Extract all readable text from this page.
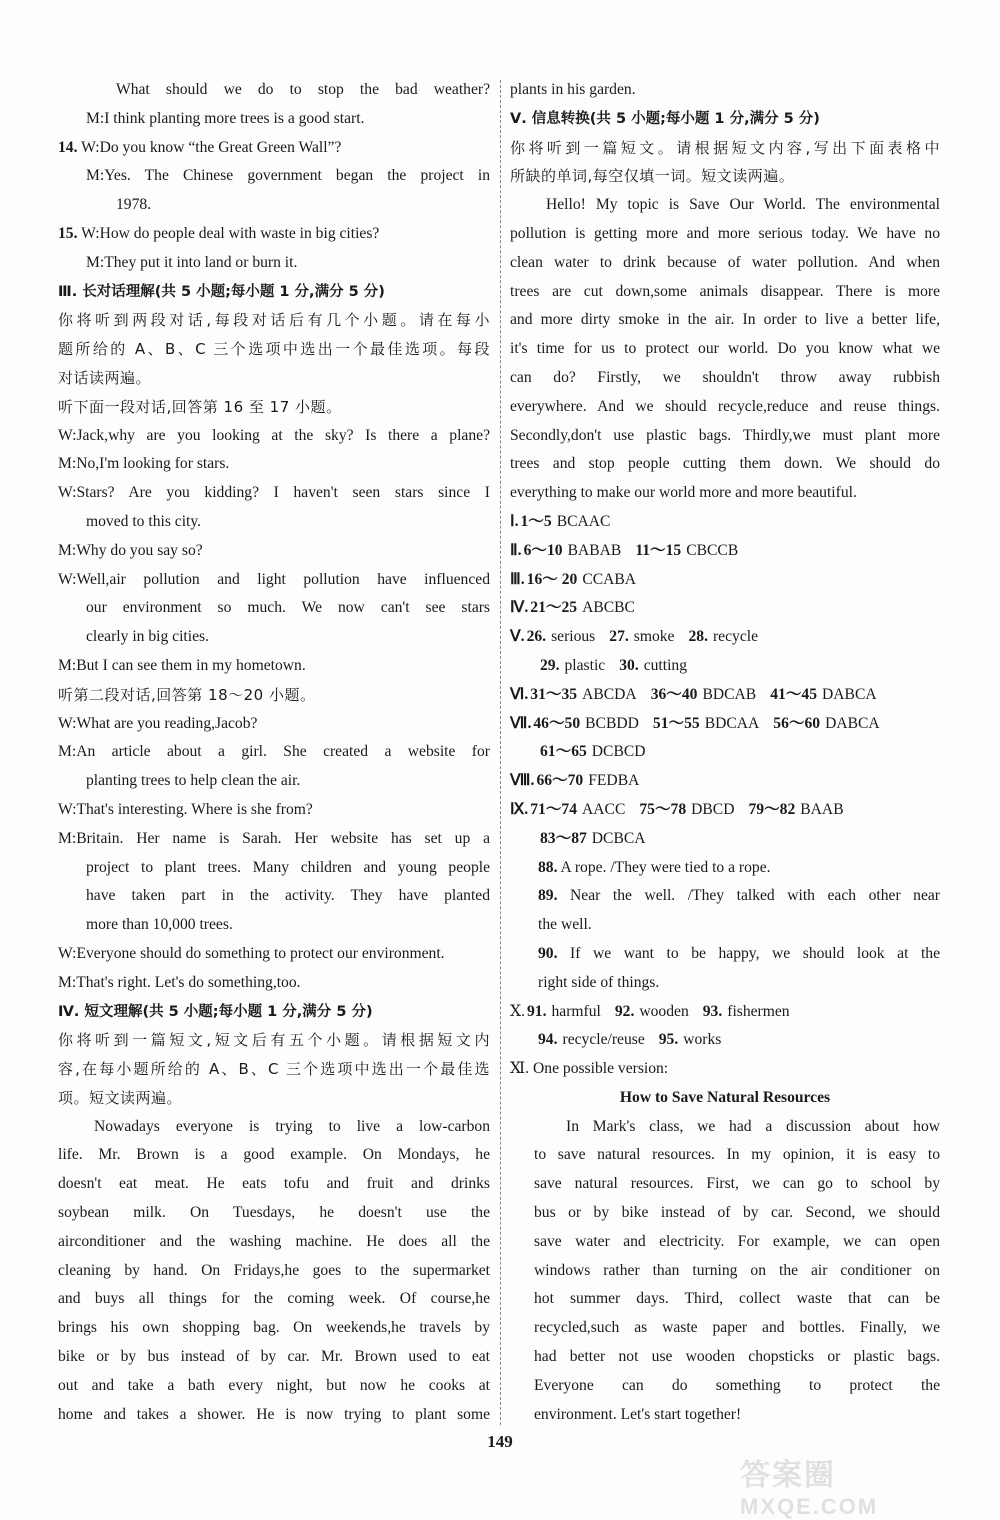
What should we do to stop the bad weather?

M:I think planting more trees is a good start.

14. W:Do you know “the Great Green Wall”?

M:Yes. The Chinese government began the project in

1978.

15. W:How do people deal with waste in big cities?

M:They put it into land or burn it.

Ⅲ. 长对话理解(共 5 小题;每小题 1 分,满分 5 分)

你将听到两段对话,每段对话后有几个小题。请在每小

题所给的 A、B、C 三个选项中选出一个最佳选项。每段

对话读两遍。

听下面一段对话,回答第 16 至 17 小题。

W:Jack,why are you looking at the sky? Is there a plane?

M:No,I'm looking for stars.

W:Stars? Are you kidding? I haven't seen stars since I

moved to this city.

M:Why do you say so?

W:Well,air pollution and light pollution have influenced

our environment so much. We now can't see stars

clearly in big cities.

M:But I can see them in my hometown.

听第二段对话,回答第 18～20 小题。

W:What are you reading,Jacob?

M:An article about a girl. She created a website for

planting trees to help clean the air.

W:That's interesting. Where is she from?

M:Britain. Her name is Sarah. Her website has set up a

project to plant trees. Many children and young people

have taken part in the activity. They have planted

more than 10,000 trees.

W:Everyone should do something to protect our environment.

M:That's right. Let's do something,too.

Ⅳ. 短文理解(共 5 小题;每小题 1 分,满分 5 分)

你将听到一篇短文,短文后有五个小题。请根据短文内

容,在每小题所给的 A、B、C 三个选项中选出一个最佳选

项。短文读两遍。

Nowadays everyone is trying to live a low-carbon

life. Mr. Brown is a good example. On Mondays, he

doesn't eat meat. He eats tofu and fruit and drinks

soybean milk. On Tuesdays, he doesn't use the

airconditioner and the washing machine. He does all the

cleaning by hand. On Fridays,he goes to the supermarket

and buys all things for the coming week. Of course,he

brings his own shopping bag. On weekends,he travels by

bike or by bus instead of by car. Mr. Brown used to eat

out and take a bath every night, but now he cooks at

home and takes a shower. He is now trying to plant some

plants in his garden.

Ⅴ. 信息转换(共 5 小题;每小题 1 分,满分 5 分)

你将听到一篇短文。请根据短文内容,写出下面表格中

所缺的单词,每空仅填一词。短文读两遍。

Hello! My topic is Save Our World. The environmental

pollution is getting more and more serious today. We have no

clean water to drink because of water pollution. And when

trees are cut down,some animals disappear. There is more

and more dirty smoke in the air. In order to live a better life,

it's time for us to protect our world. Do you know what we

can do? Firstly, we shouldn't throw away rubbish

everywhere. And we should recycle,reduce and reuse things.

Secondly,don't use plastic bags. Thirdly,we must plant more

trees and stop people cutting them down. We should do

everything to make our world more and more beautiful.

Ⅰ. 1～5 BCAAC

Ⅱ. 6～10 BABAB 11～15 CBCCB

Ⅲ. 16～ 20 CCABA

Ⅳ. 21～25 ABCBC

Ⅴ. 26. serious 27. smoke 28. recycle

29. plastic 30. cutting

Ⅵ. 31～35 ABCDA 36～40 BDCAB 41～45 DABCA

Ⅶ. 46～50 BCBDD 51～55 BDCAA 56～60 DABCA

61～65 DCBCD

Ⅷ. 66～70 FEDBA

Ⅸ. 71～74 AACC 75～78 DBCD 79～82 BAAB

83～87 DCBCA

88. A rope. /They were tied to a rope.

89. Near the well. /They talked with each other near

the well.

90. If we want to be happy, we should look at the

right side of things.

Ⅹ. 91. harmful 92. wooden 93. fishermen

94. recycle/reuse 95. works

Ⅺ. One possible version:

How to Save Natural Resources

In Mark's class, we had a discussion about how

to save natural resources. In my opinion, it is easy to

save natural resources. First, we can go to school by

bus or by bike instead of by car. Second, we should

save water and electricity. For example, we can open

windows rather than turning on the air conditioner on

hot summer days. Third, collect waste that can be

recycled,such as waste paper and bottles. Finally, we

had better not use wooden chopsticks or plastic bags.

Everyone can do something to protect the

environment. Let's start together!

149
答案圈
MXQE.COM
